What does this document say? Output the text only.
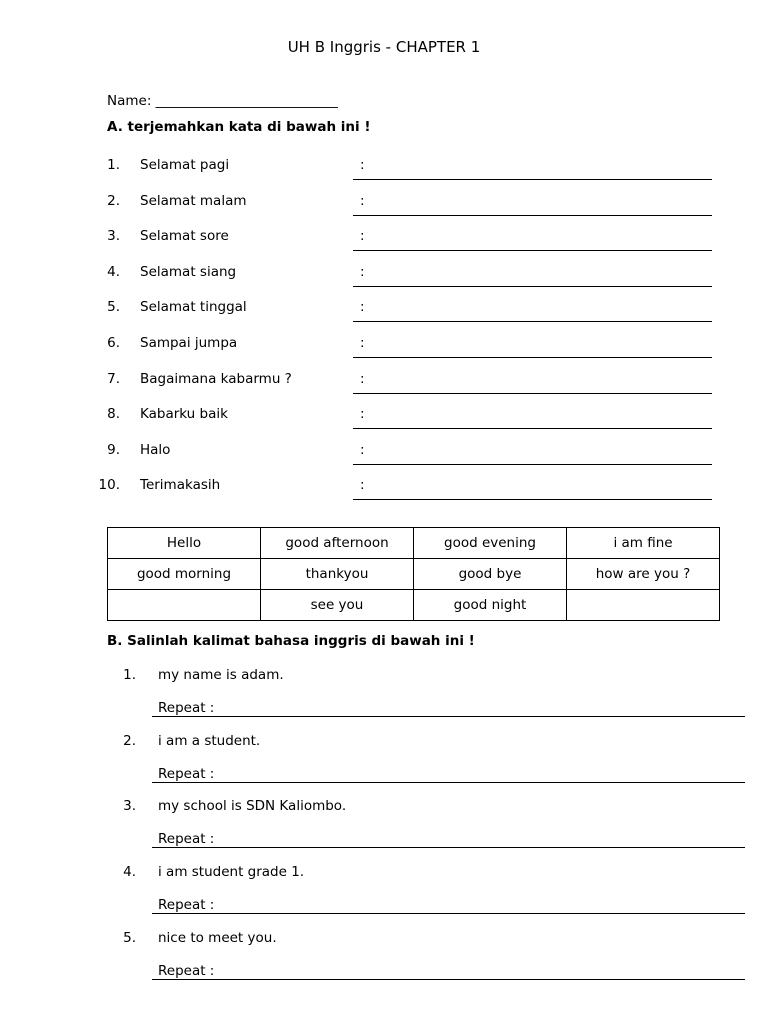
UH B Inggris - CHAPTER 1
Name: ___________________________
A. terjemahkan kata di bawah ini !
1. Selamat pagi	:
2. Selamat malam	:
3. Selamat sore	:
4. Selamat siang	:
5. Selamat tinggal	:
6. Sampai jumpa	:
7. Bagaimana kabarmu ?	:
8. Kabarku baik	:
9. Halo	:
10. Terimakasih	:
Hello	good afternoon	good evening	i am fine
good morning	thankyou	good bye	how are you ?
	see you	good night	
B. Salinlah kalimat bahasa inggris di bawah ini !
1. my name is adam.
Repeat :
2. i am a student.
Repeat :
3. my school is SDN Kaliombo.
Repeat :
4. i am student grade 1.
Repeat :
5. nice to meet you.
Repeat :
